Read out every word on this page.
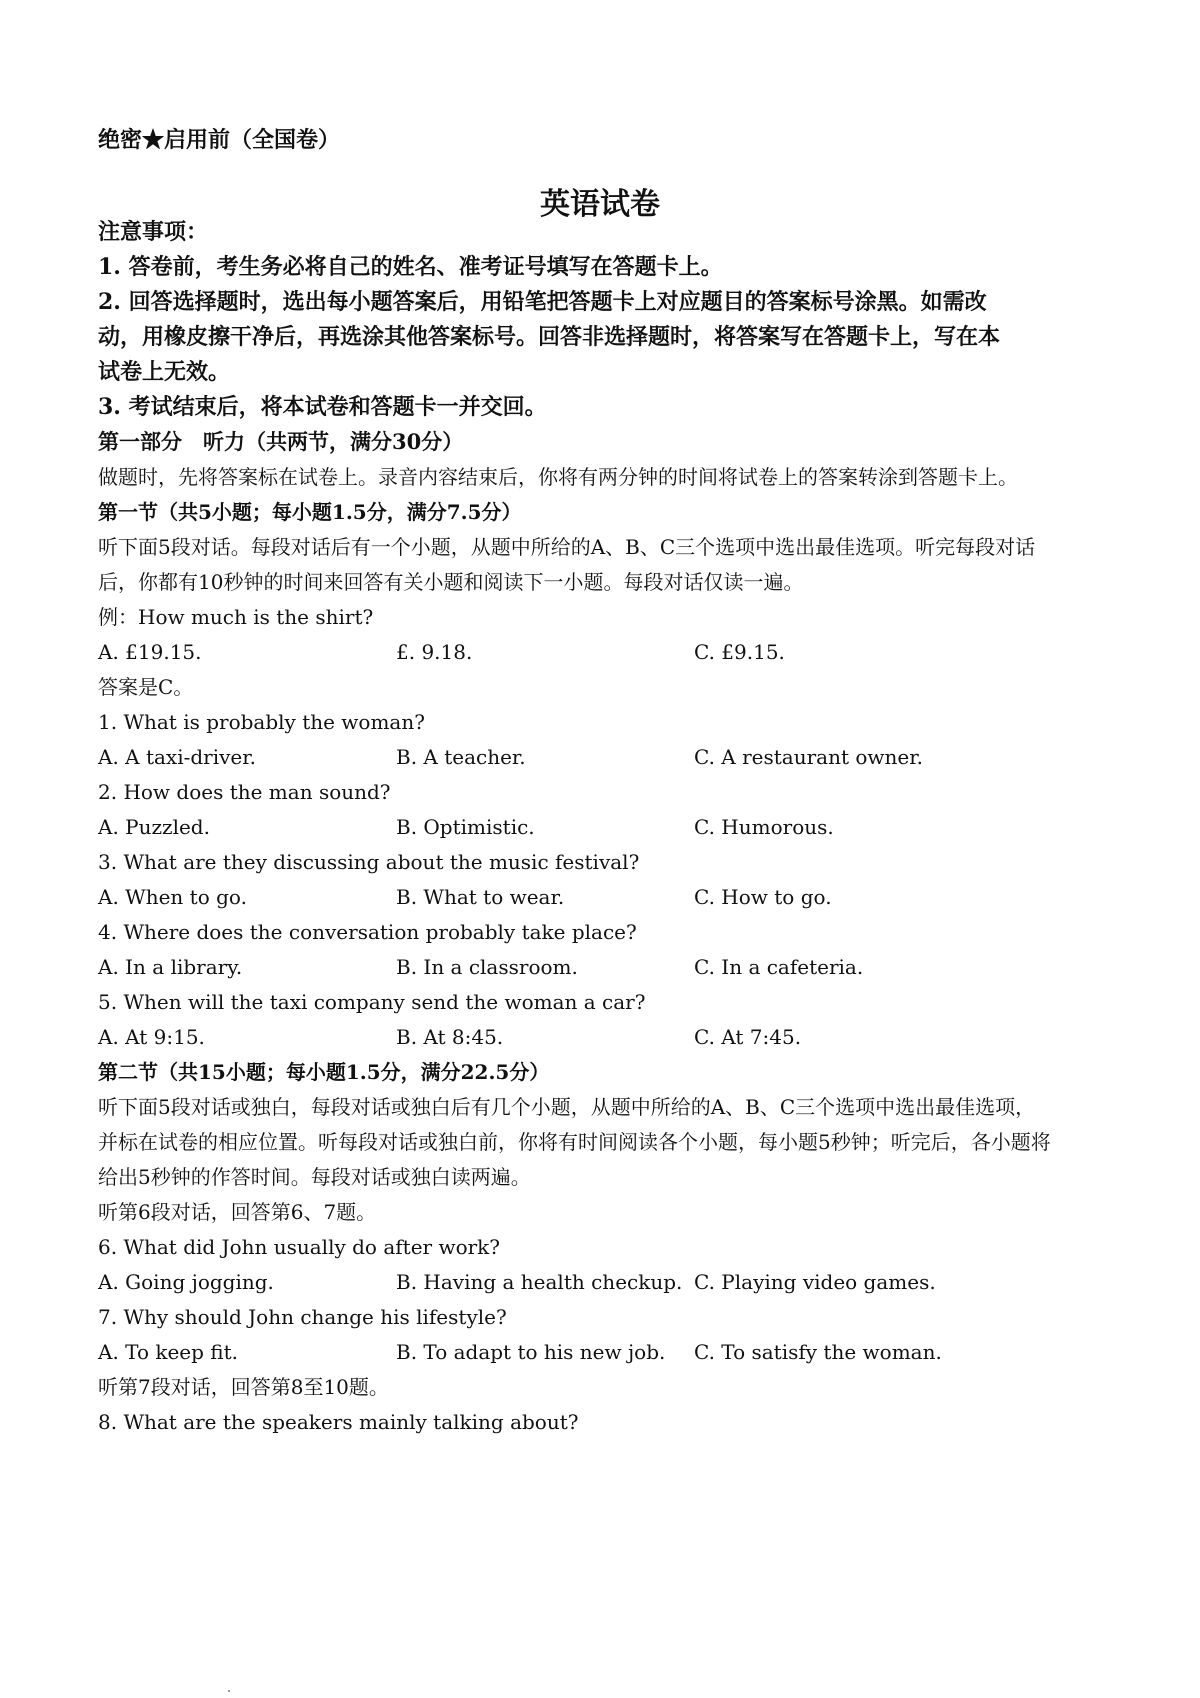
绝密★启用前（全国卷）
英语试卷
注意事项：
1. 答卷前，考生务必将自己的姓名、准考证号填写在答题卡上。
2. 回答选择题时，选出每小题答案后，用铅笔把答题卡上对应题目的答案标号涂黑。如需改
动，用橡皮擦干净后，再选涂其他答案标号。回答非选择题时，将答案写在答题卡上，写在本
试卷上无效。
3. 考试结束后，将本试卷和答题卡一并交回。
第一部分　听力（共两节，满分30分）
做题时，先将答案标在试卷上。录音内容结束后，你将有两分钟的时间将试卷上的答案转涂到答题卡上。
第一节（共5小题；每小题1.5分，满分7.5分）
听下面5段对话。每段对话后有一个小题，从题中所给的A、B、C三个选项中选出最佳选项。听完每段对话
后，你都有10秒钟的时间来回答有关小题和阅读下一小题。每段对话仅读一遍。
例：How much is the shirt?
A. £19.15.	£. 9.18.	C. £9.15.
答案是C。
1. What is probably the woman?
A. A taxi-driver.	B. A teacher.	C. A restaurant owner.
2. How does the man sound?
A. Puzzled.	B. Optimistic.	C. Humorous.
3. What are they discussing about the music festival?
A. When to go.	B. What to wear.	C. How to go.
4. Where does the conversation probably take place?
A. In a library.	B. In a classroom.	C. In a cafeteria.
5. When will the taxi company send the woman a car?
A. At 9:15.	B. At 8:45.	C. At 7:45.
第二节（共15小题；每小题1.5分，满分22.5分）
听下面5段对话或独白，每段对话或独白后有几个小题，从题中所给的A、B、C三个选项中选出最佳选项，
并标在试卷的相应位置。听每段对话或独白前，你将有时间阅读各个小题，每小题5秒钟；听完后，各小题将
给出5秒钟的作答时间。每段对话或独白读两遍。
听第6段对话，回答第6、7题。
6. What did John usually do after work?
A. Going jogging.	B. Having a health checkup. C. Playing video games.
7. Why should John change his lifestyle?
A. To keep fit.	B. To adapt to his new job. C. To satisfy the woman.
听第7段对话，回答第8至10题。
8. What are the speakers mainly talking about?
